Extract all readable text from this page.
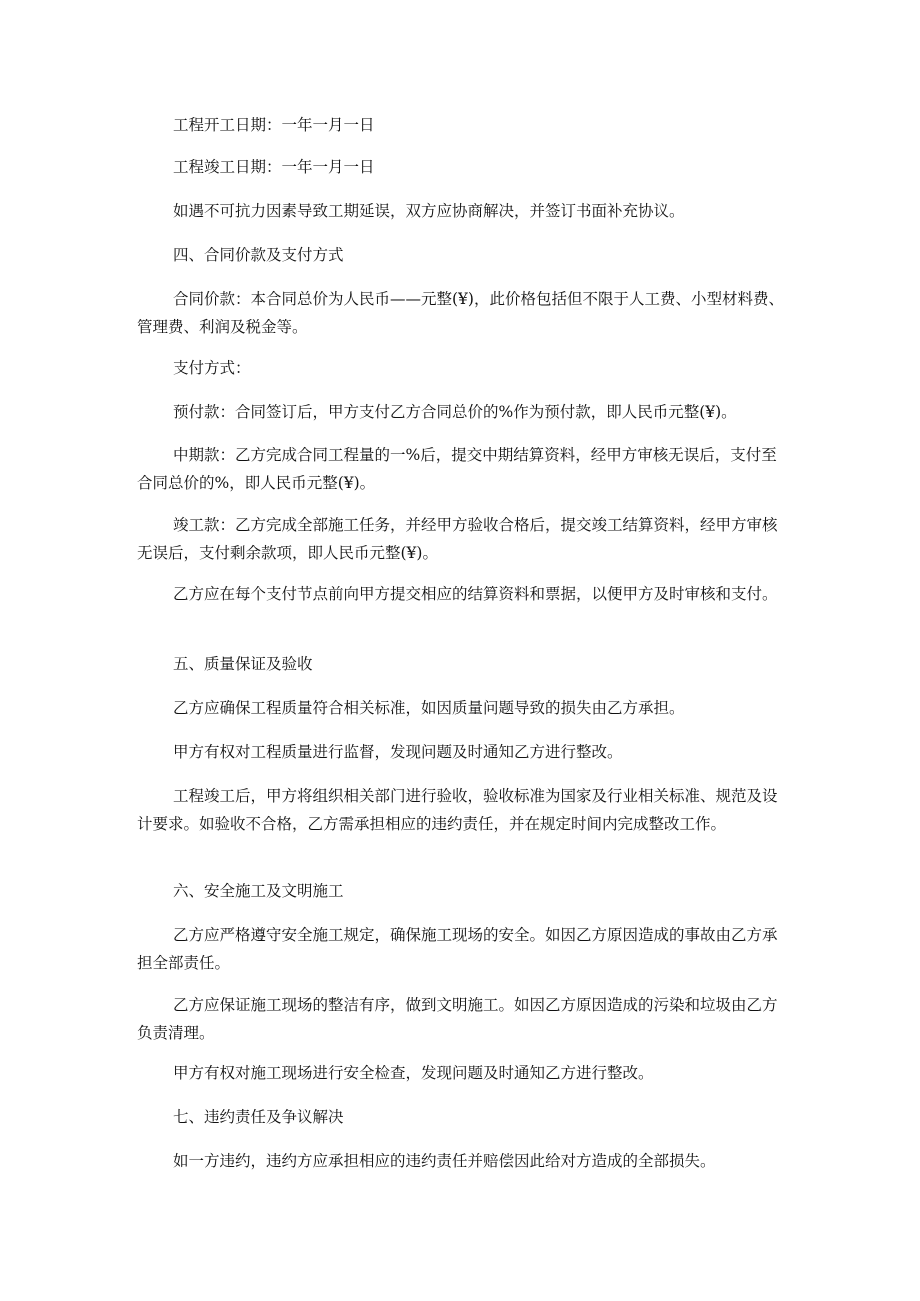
工程开工日期：一年一月一日

工程竣工日期：一年一月一日

如遇不可抗力因素导致工期延误，双方应协商解决，并签订书面补充协议。

四、合同价款及支付方式

合同价款：本合同总价为人民币——元整(¥)，此价格包括但不限于人工费、小型材料费、管理费、利润及税金等。

支付方式：

预付款：合同签订后，甲方支付乙方合同总价的%作为预付款，即人民币元整(¥)。

中期款：乙方完成合同工程量的一%后，提交中期结算资料，经甲方审核无误后，支付至合同总价的%，即人民币元整(¥)。

竣工款：乙方完成全部施工任务，并经甲方验收合格后，提交竣工结算资料，经甲方审核无误后，支付剩余款项，即人民币元整(¥)。

乙方应在每个支付节点前向甲方提交相应的结算资料和票据，以便甲方及时审核和支付。

五、质量保证及验收

乙方应确保工程质量符合相关标准，如因质量问题导致的损失由乙方承担。

甲方有权对工程质量进行监督，发现问题及时通知乙方进行整改。

工程竣工后，甲方将组织相关部门进行验收，验收标准为国家及行业相关标准、规范及设计要求。如验收不合格，乙方需承担相应的违约责任，并在规定时间内完成整改工作。

六、安全施工及文明施工

乙方应严格遵守安全施工规定，确保施工现场的安全。如因乙方原因造成的事故由乙方承担全部责任。

乙方应保证施工现场的整洁有序，做到文明施工。如因乙方原因造成的污染和垃圾由乙方负责清理。

甲方有权对施工现场进行安全检查，发现问题及时通知乙方进行整改。

七、违约责任及争议解决

如一方违约，违约方应承担相应的违约责任并赔偿因此给对方造成的全部损失。
